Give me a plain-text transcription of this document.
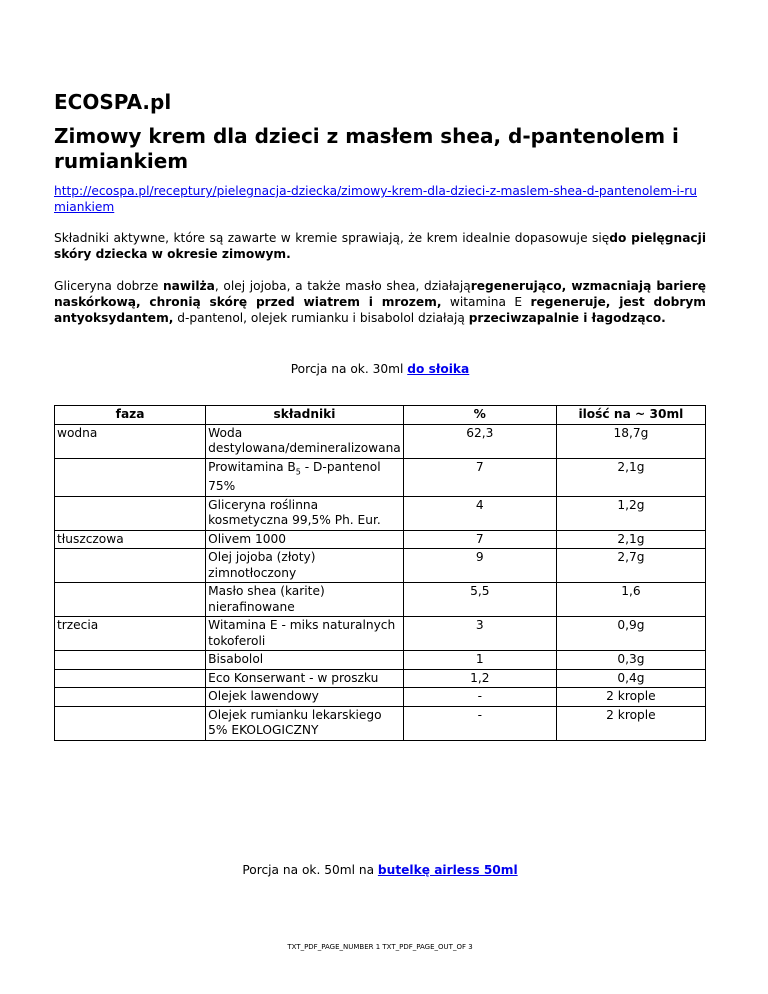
ECOSPA.pl
Zimowy krem dla dzieci z masłem shea, d-pantenolem i rumiankiem
http://ecospa.pl/receptury/pielegnacja-dziecka/zimowy-krem-dla-dzieci-z-maslem-shea-d-pantenolem-i-rumiankiem

Składniki aktywne, które są zawarte w kremie sprawiają, że krem idealnie dopasowuje siędo pielęgnacji skóry dziecka w okresie zimowym.

Gliceryna dobrze nawilża, olej jojoba, a także masło shea, działająregenerująco, wzmacniają barierę naskórkową, chronią skórę przed wiatrem i mrozem, witamina E regeneruje, jest dobrym antyoksydantem, d-pantenol, olejek rumianku i bisabolol działają przeciwzapalnie i łagodząco.

Porcja na ok. 30ml do słoika
faza	składniki	%	ilość na ~ 30ml
wodna	Woda destylowana/demineralizowana	62,3	18,7g
	Prowitamina $B_5$ - D-pantenol 75%	7	2,1g
	Gliceryna roślinna kosmetyczna 99,5% Ph. Eur.	4	1,2g
tłuszczowa	Olivem 1000	7	2,1g
	Olej jojoba (złoty) zimnotłoczony	9	2,7g
	Masło shea (karite) nierafinowane	5,5	1,6
trzecia	Witamina E - miks naturalnych tokoferoli	3	0,9g
	Bisabolol	1	0,3g
	Eco Konserwant - w proszku	1,2	0,4g
	Olejek lawendowy	-	2 krople
	Olejek rumianku lekarskiego 5% EKOLOGICZNY	-	2 krople
Porcja na ok. 50ml na butelkę airless 50ml
TXT_PDF_PAGE_NUMBER 1 TXT_PDF_PAGE_OUT_OF 3
